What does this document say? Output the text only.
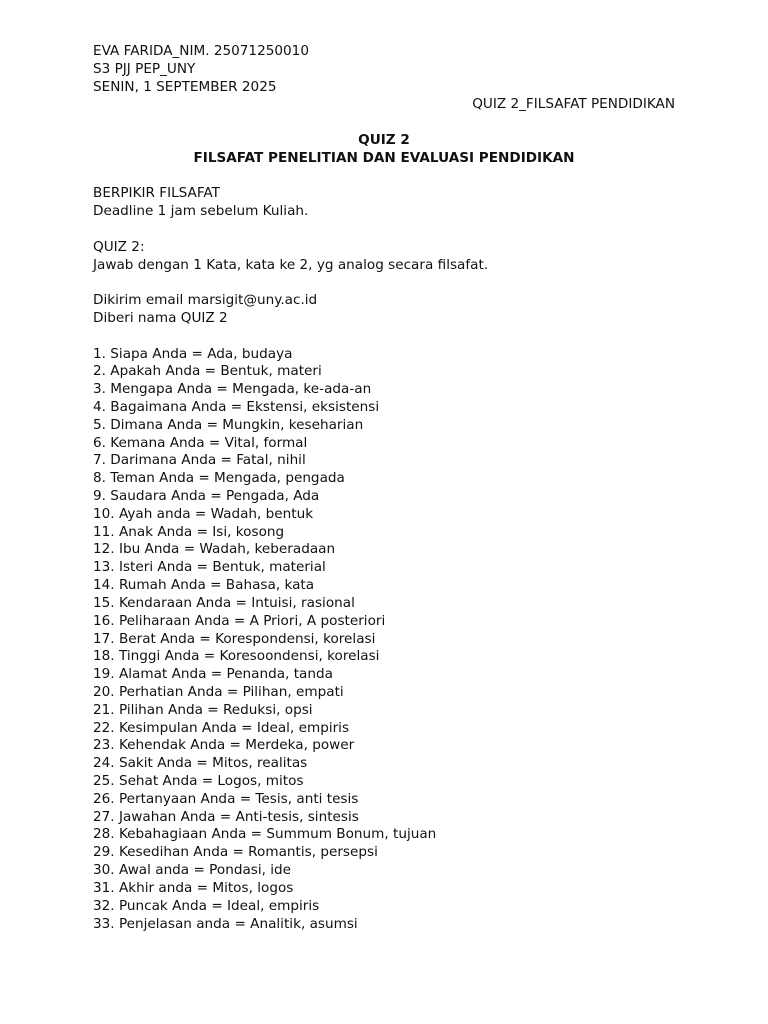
EVA FARIDA_NIM. 25071250010
S3 PJJ PEP_UNY
SENIN, 1 SEPTEMBER 2025
QUIZ 2_FILSAFAT PENDIDIKAN
QUIZ 2
FILSAFAT PENELITIAN DAN EVALUASI PENDIDIKAN
BERPIKIR FILSAFAT
Deadline 1 jam sebelum Kuliah.
QUIZ 2:
Jawab dengan 1 Kata, kata ke 2, yg analog secara filsafat.
Dikirim email marsigit@uny.ac.id
Diberi nama QUIZ 2
1. Siapa Anda = Ada, budaya
2. Apakah Anda = Bentuk, materi
3. Mengapa Anda = Mengada, ke-ada-an
4. Bagaimana Anda = Ekstensi, eksistensi
5. Dimana Anda = Mungkin, keseharian
6. Kemana Anda = Vital, formal
7. Darimana Anda = Fatal, nihil
8. Teman Anda = Mengada, pengada
9. Saudara Anda = Pengada, Ada
10. Ayah anda = Wadah, bentuk
11. Anak Anda = Isi, kosong
12. Ibu Anda = Wadah, keberadaan
13. Isteri Anda = Bentuk, material
14. Rumah Anda = Bahasa, kata
15. Kendaraan Anda = Intuisi, rasional
16. Peliharaan Anda = A Priori, A posteriori
17. Berat Anda = Korespondensi, korelasi
18. Tinggi Anda = Koresoondensi, korelasi
19. Alamat Anda = Penanda, tanda
20. Perhatian Anda = Pilihan, empati
21. Pilihan Anda = Reduksi, opsi
22. Kesimpulan Anda = Ideal, empiris
23. Kehendak Anda = Merdeka, power
24. Sakit Anda = Mitos, realitas
25. Sehat Anda = Logos, mitos
26. Pertanyaan Anda = Tesis, anti tesis
27. Jawahan Anda = Anti-tesis, sintesis
28. Kebahagiaan Anda = Summum Bonum, tujuan
29. Kesedihan Anda = Romantis, persepsi
30. Awal anda = Pondasi, ide
31. Akhir anda = Mitos, logos
32. Puncak Anda = Ideal, empiris
33. Penjelasan anda = Analitik, asumsi
